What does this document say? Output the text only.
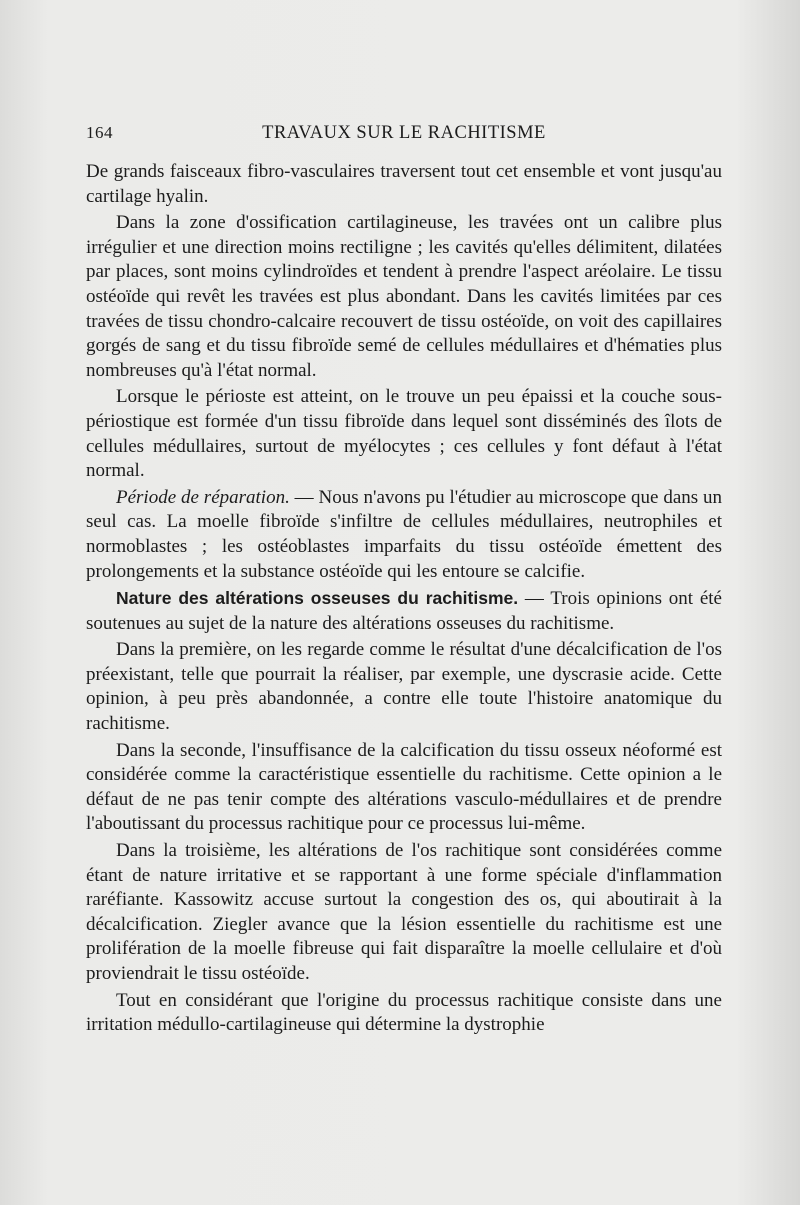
164	TRAVAUX SUR LE RACHITISME

De grands faisceaux fibro-vasculaires traversent tout cet ensemble et vont jusqu'au cartilage hyalin.

Dans la zone d'ossification cartilagineuse, les travées ont un calibre plus irrégulier et une direction moins rectiligne ; les cavités qu'elles délimitent, dilatées par places, sont moins cylindroïdes et tendent à prendre l'aspect aréolaire. Le tissu ostéoïde qui revêt les travées est plus abondant. Dans les cavités limitées par ces travées de tissu chondro-calcaire recouvert de tissu ostéoïde, on voit des capillaires gorgés de sang et du tissu fibroïde semé de cellules médullaires et d'hématies plus nombreuses qu'à l'état normal.

Lorsque le périoste est atteint, on le trouve un peu épaissi et la couche sous-périostique est formée d'un tissu fibroïde dans lequel sont disséminés des îlots de cellules médullaires, surtout de myélocytes ; ces cellules y font défaut à l'état normal.

Période de réparation. — Nous n'avons pu l'étudier au microscope que dans un seul cas. La moelle fibroïde s'infiltre de cellules médullaires, neutrophiles et normoblastes ; les ostéoblastes imparfaits du tissu ostéoïde émettent des prolongements et la substance ostéoïde qui les entoure se calcifie.

Nature des altérations osseuses du rachitisme. — Trois opinions ont été soutenues au sujet de la nature des altérations osseuses du rachitisme.

Dans la première, on les regarde comme le résultat d'une décalcification de l'os préexistant, telle que pourrait la réaliser, par exemple, une dyscrasie acide. Cette opinion, à peu près abandonnée, a contre elle toute l'histoire anatomique du rachitisme.

Dans la seconde, l'insuffisance de la calcification du tissu osseux néoformé est considérée comme la caractéristique essentielle du rachitisme. Cette opinion a le défaut de ne pas tenir compte des altérations vasculo-médullaires et de prendre l'aboutissant du processus rachitique pour ce processus lui-même.

Dans la troisième, les altérations de l'os rachitique sont considérées comme étant de nature irritative et se rapportant à une forme spéciale d'inflammation raréfiante. Kassowitz accuse surtout la congestion des os, qui aboutirait à la décalcification. Ziegler avance que la lésion essentielle du rachitisme est une prolifération de la moelle fibreuse qui fait disparaître la moelle cellulaire et d'où proviendrait le tissu ostéoïde.

Tout en considérant que l'origine du processus rachitique consiste dans une irritation médullo-cartilagineuse qui détermine la dystrophie
